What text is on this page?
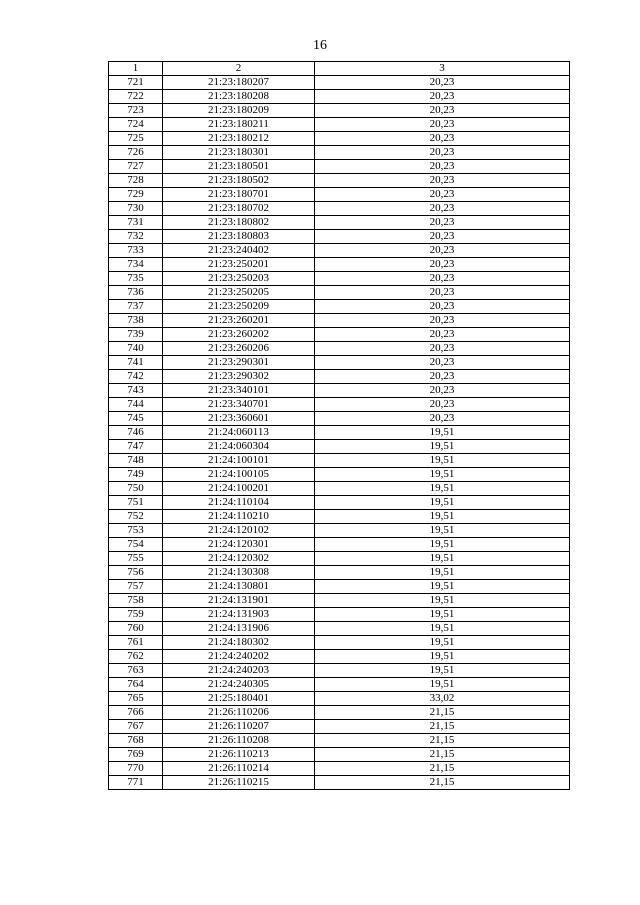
16
1	2	3
721	21:23:180207	20,23
722	21:23:180208	20,23
723	21:23:180209	20,23
724	21:23:180211	20,23
725	21:23:180212	20,23
726	21:23:180301	20,23
727	21:23:180501	20,23
728	21:23:180502	20,23
729	21:23:180701	20,23
730	21:23:180702	20,23
731	21:23:180802	20,23
732	21:23:180803	20,23
733	21:23:240402	20,23
734	21:23:250201	20,23
735	21:23:250203	20,23
736	21:23:250205	20,23
737	21:23:250209	20,23
738	21:23:260201	20,23
739	21:23:260202	20,23
740	21:23:260206	20,23
741	21:23:290301	20,23
742	21:23:290302	20,23
743	21:23:340101	20,23
744	21:23:340701	20,23
745	21:23:360601	20,23
746	21:24:060113	19,51
747	21:24:060304	19,51
748	21:24:100101	19,51
749	21:24:100105	19,51
750	21:24:100201	19,51
751	21:24:110104	19,51
752	21:24:110210	19,51
753	21:24:120102	19,51
754	21:24:120301	19,51
755	21:24:120302	19,51
756	21:24:130308	19,51
757	21:24:130801	19,51
758	21:24:131901	19,51
759	21:24:131903	19,51
760	21:24:131906	19,51
761	21:24:180302	19,51
762	21:24:240202	19,51
763	21:24:240203	19,51
764	21:24:240305	19,51
765	21:25:180401	33,02
766	21:26:110206	21,15
767	21:26:110207	21,15
768	21:26:110208	21,15
769	21:26:110213	21,15
770	21:26:110214	21,15
771	21:26:110215	21,15
